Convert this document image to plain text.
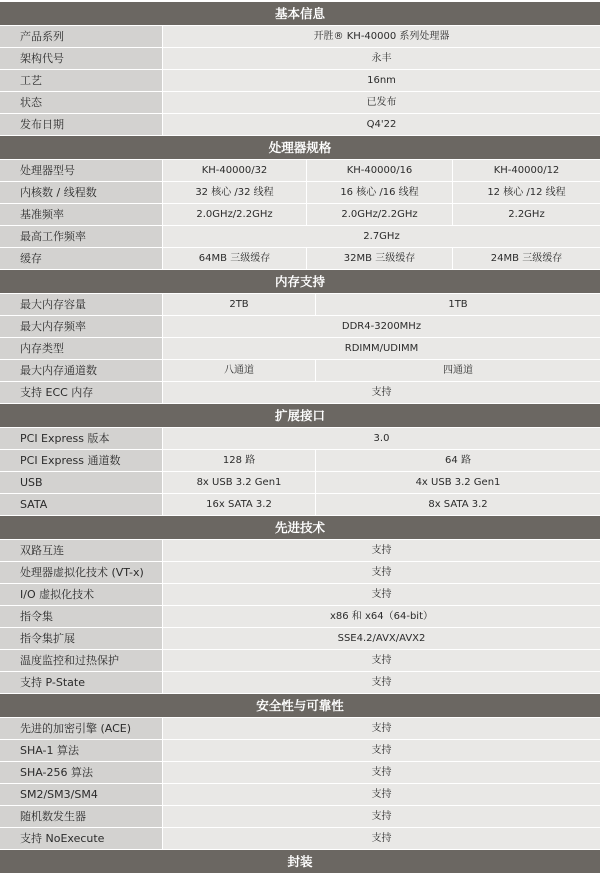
基本信息
产品系列	开胜® KH-40000 系列处理器
架构代号	永丰
工艺	16nm
状态	已发布
发布日期	Q4'22
处理器规格
处理器型号	KH-40000/32	KH-40000/16	KH-40000/12
内核数 / 线程数	32 核心 /32 线程	16 核心 /16 线程	12 核心 /12 线程
基准频率	2.0GHz/2.2GHz	2.0GHz/2.2GHz	2.2GHz
最高工作频率	2.7GHz
缓存	64MB 三级缓存	32MB 三级缓存	24MB 三级缓存
内存支持
最大内存容量	2TB	1TB
最大内存频率	DDR4-3200MHz
内存类型	RDIMM/UDIMM
最大内存通道数	八通道	四通道
支持 ECC 内存	支持
扩展接口
PCI Express 版本	3.0
PCI Express 通道数	128 路	64 路
USB	8x USB 3.2 Gen1	4x USB 3.2 Gen1
SATA	16x SATA 3.2	8x SATA 3.2
先进技术
双路互连	支持
处理器虚拟化技术 (VT-x)	支持
I/O 虚拟化技术	支持
指令集	x86 和 x64（64-bit）
指令集扩展	SSE4.2/AVX/AVX2
温度监控和过热保护	支持
支持 P-State	支持
安全性与可靠性
先进的加密引擎 (ACE)	支持
SHA-1 算法	支持
SHA-256 算法	支持
SM2/SM3/SM4	支持
随机数发生器	支持
支持 NoExecute	支持
封装
